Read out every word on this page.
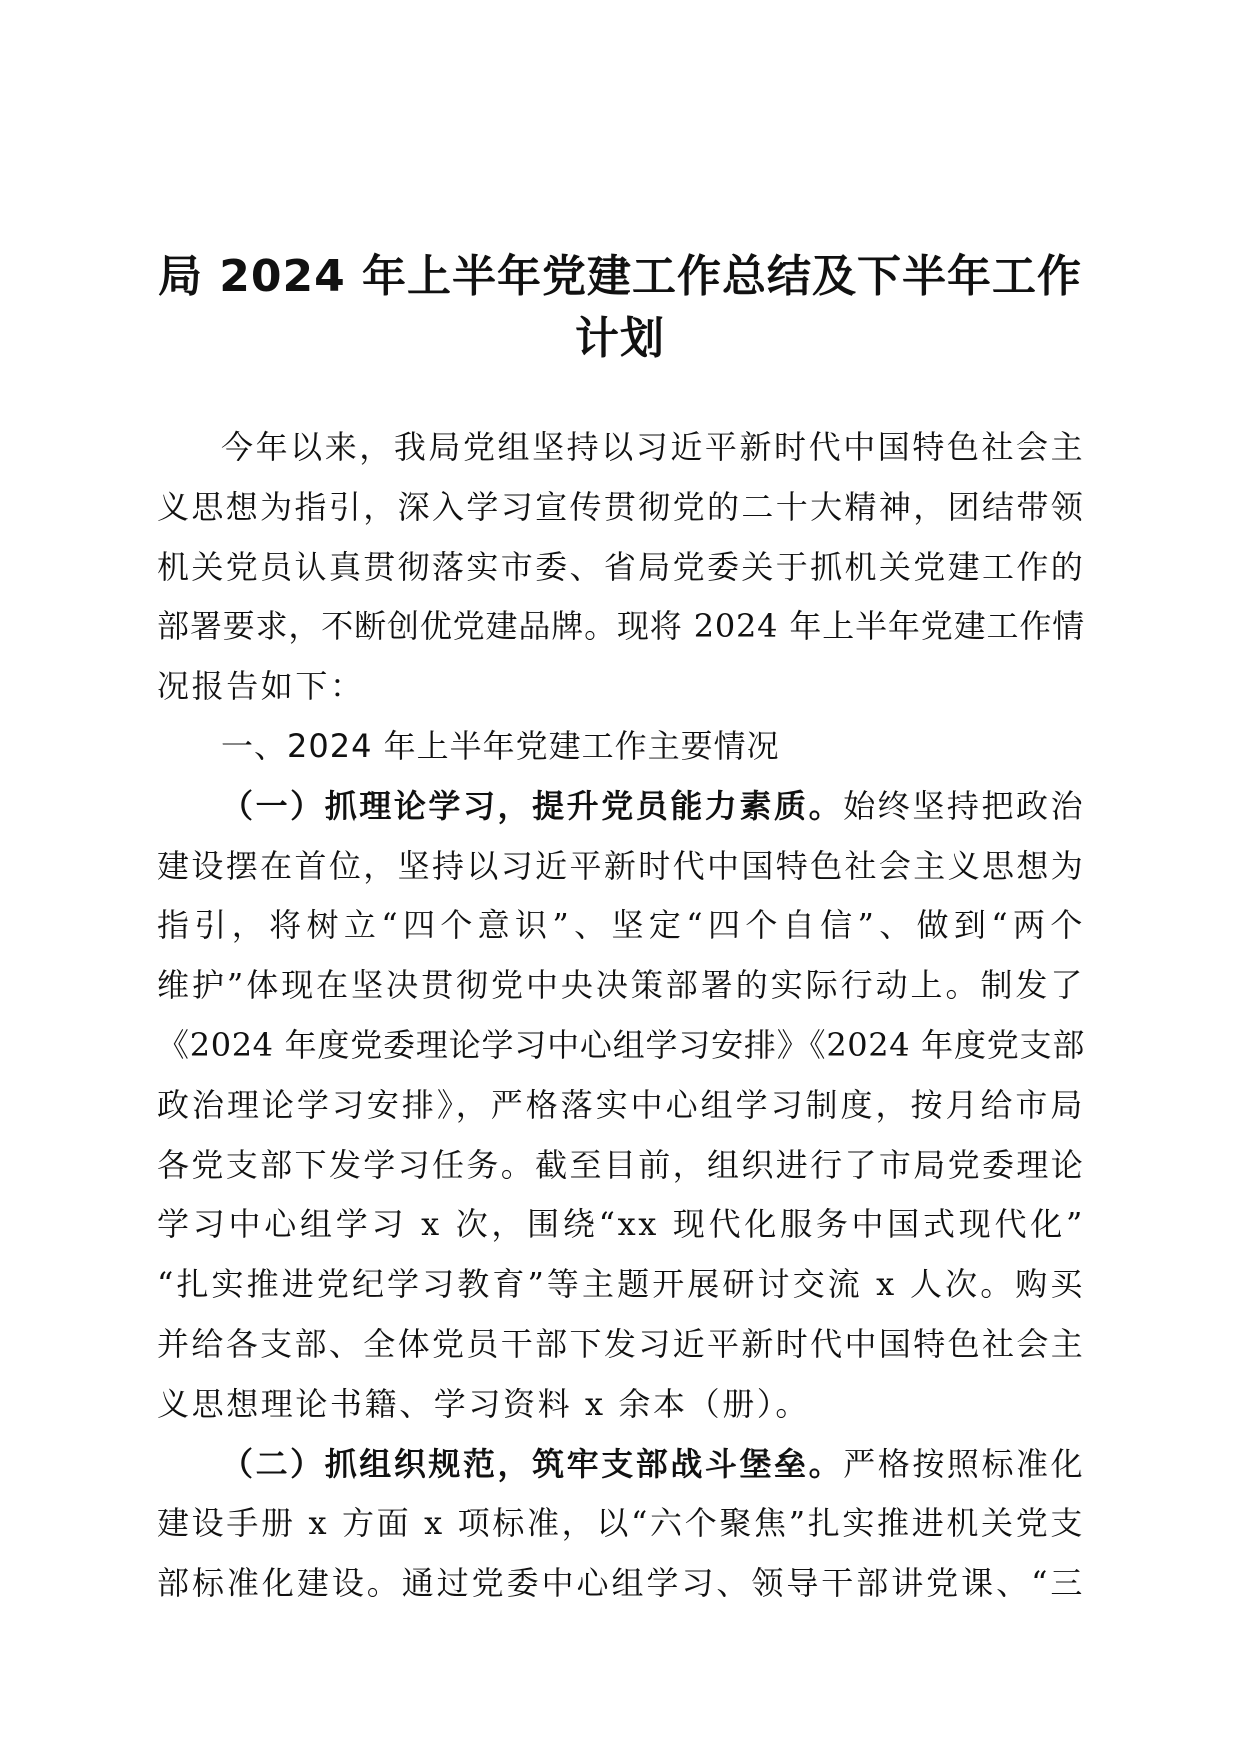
局 2024 年上半年党建工作总结及下半年工作
计划
今年以来，我局党组坚持以习近平新时代中国特色社会主
义思想为指引，深入学习宣传贯彻党的二十大精神，团结带领
机关党员认真贯彻落实市委、省局党委关于抓机关党建工作的
部署要求，不断创优党建品牌。现将 2024 年上半年党建工作情
况报告如下：
一、2024 年上半年党建工作主要情况
（一）抓理论学习，提升党员能力素质。始终坚持把政治
建设摆在首位，坚持以习近平新时代中国特色社会主义思想为
指引，将树立“四个意识”、坚定“四个自信”、做到“两个
维护”体现在坚决贯彻党中央决策部署的实际行动上。制发了
《2024 年度党委理论学习中心组学习安排》《2024 年度党支部
政治理论学习安排》，严格落实中心组学习制度，按月给市局
各党支部下发学习任务。截至目前，组织进行了市局党委理论
学习中心组学习 x 次，围绕“xx 现代化服务中国式现代化”
“扎实推进党纪学习教育”等主题开展研讨交流 x 人次。购买
并给各支部、全体党员干部下发习近平新时代中国特色社会主
义思想理论书籍、学习资料 x 余本（册）。
（二）抓组织规范，筑牢支部战斗堡垒。严格按照标准化
建设手册 x 方面 x 项标准，以“六个聚焦”扎实推进机关党支
部标准化建设。通过党委中心组学习、领导干部讲党课、“三
